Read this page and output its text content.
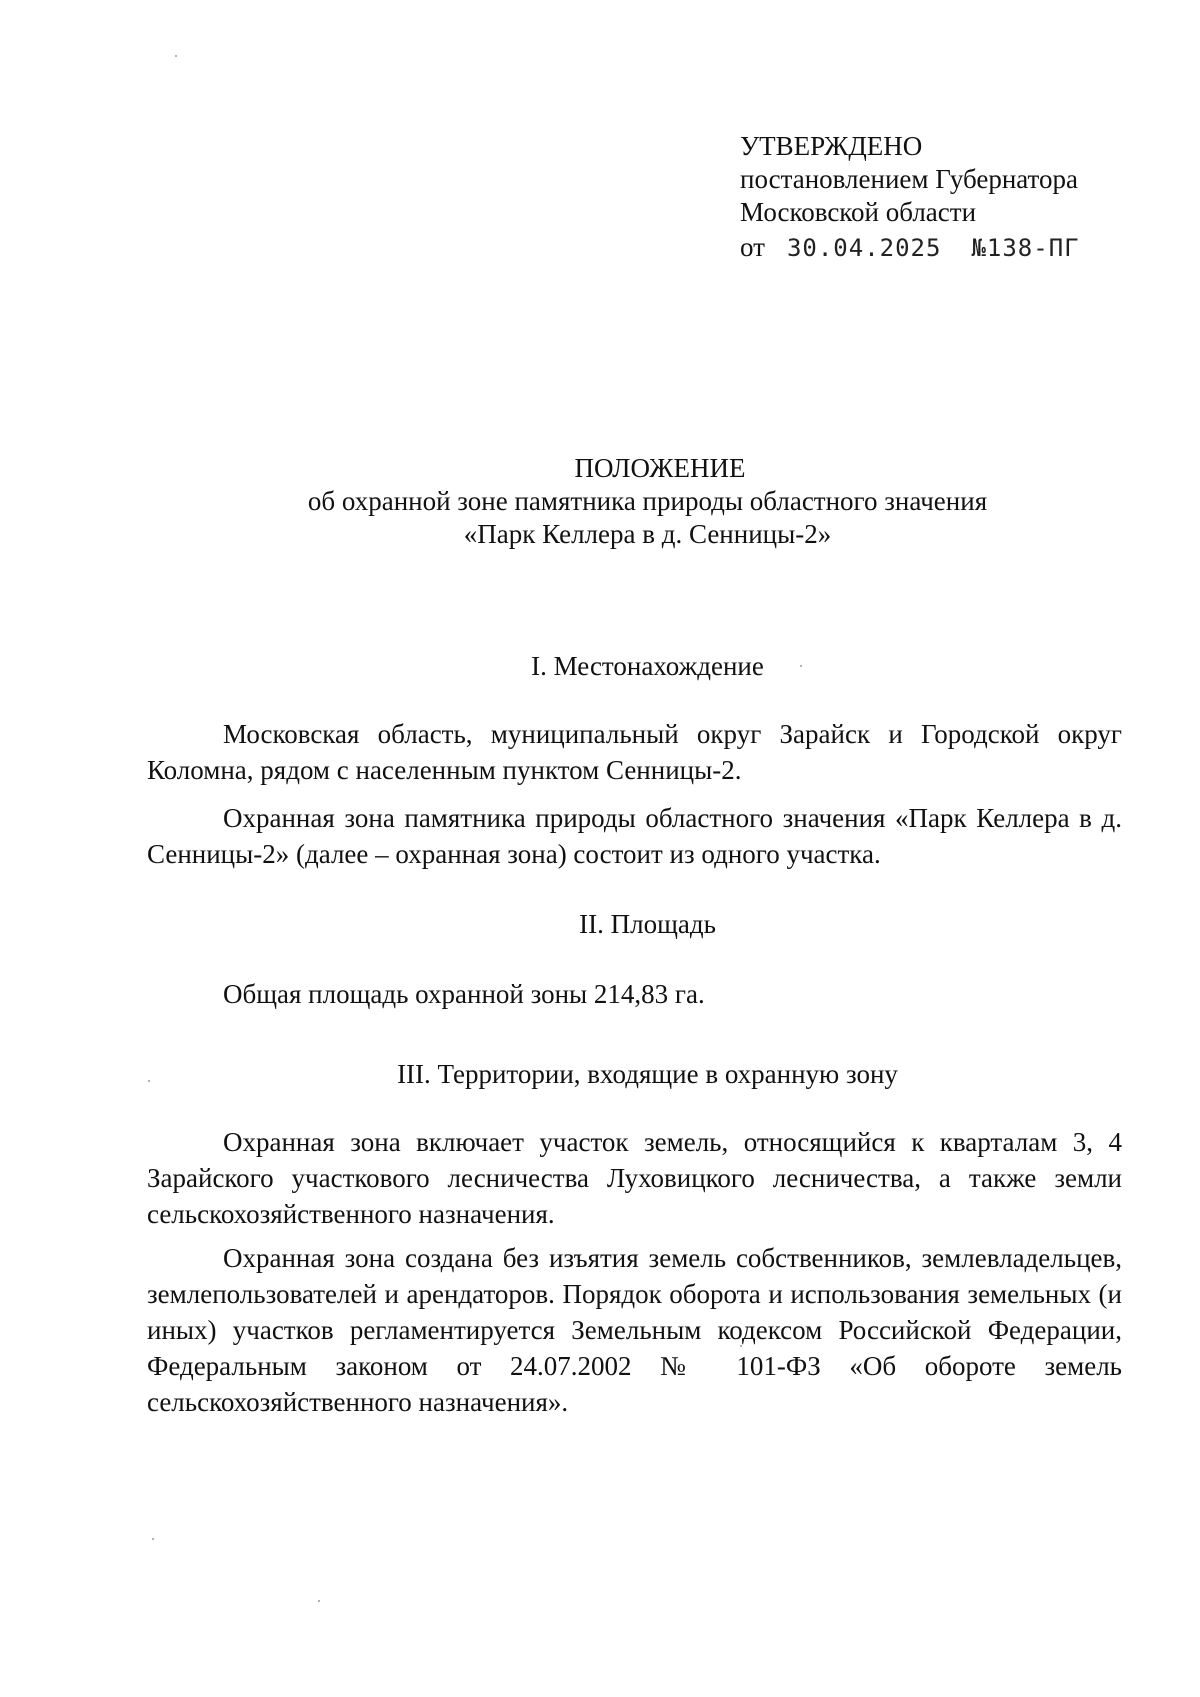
УТВЕРЖДЕНО
постановлением Губернатора
Московской области
от 30.04.2025 №138-ПГ
ПОЛОЖЕНИЕ
об охранной зоне памятника природы областного значения
«Парк Келлера в д. Сенницы-2»
I. Местонахождение

Московская область, муниципальный округ Зарайск и Городской округ Коломна, рядом с населенным пунктом Сенницы-2.

Охранная зона памятника природы областного значения «Парк Келлера в д. Сенницы-2» (далее – охранная зона) состоит из одного участка.

II. Площадь

Общая площадь охранной зоны 214,83 га.

III. Территории, входящие в охранную зону

Охранная зона включает участок земель, относящийся к кварталам 3, 4 Зарайского участкового лесничества Луховицкого лесничества, а также земли сельскохозяйственного назначения.

Охранная зона создана без изъятия земель собственников, землевладельцев, землепользователей и арендаторов. Порядок оборота и использования земельных (и иных) участков регламентируется Земельным кодексом Российской Федерации, Федеральным законом от 24.07.2002 № 101-ФЗ «Об обороте земель сельскохозяйственного назначения».
